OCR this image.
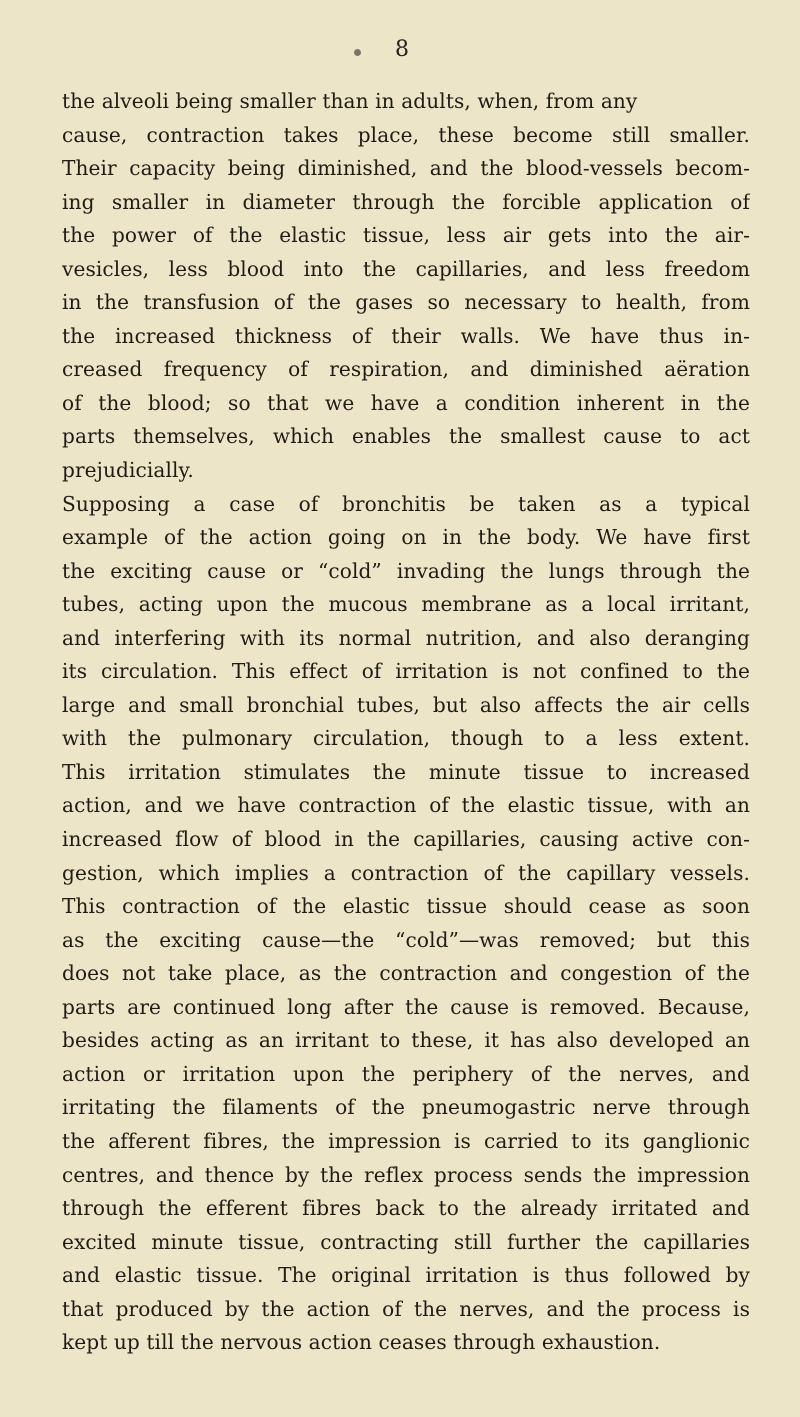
8
the alveoli being smaller than in adults, when, from any
cause, contraction takes place, these become still smaller.
Their capacity being diminished, and the blood-vessels becom-
ing smaller in diameter through the forcible application of
the power of the elastic tissue, less air gets into the air-
vesicles, less blood into the capillaries, and less freedom
in the transfusion of the gases so necessary to health, from
the increased thickness of their walls. We have thus in-
creased frequency of respiration, and diminished aëration
of the blood; so that we have a condition inherent in the
parts themselves, which enables the smallest cause to act
prejudicially.
Supposing a case of bronchitis be taken as a typical
example of the action going on in the body. We have first
the exciting cause or “cold” invading the lungs through the
tubes, acting upon the mucous membrane as a local irritant,
and interfering with its normal nutrition, and also deranging
its circulation. This effect of irritation is not confined to the
large and small bronchial tubes, but also affects the air cells
with the pulmonary circulation, though to a less extent.
This irritation stimulates the minute tissue to increased
action, and we have contraction of the elastic tissue, with an
increased flow of blood in the capillaries, causing active con-
gestion, which implies a contraction of the capillary vessels.
This contraction of the elastic tissue should cease as soon
as the exciting cause—the “cold”—was removed; but this
does not take place, as the contraction and congestion of the
parts are continued long after the cause is removed. Because,
besides acting as an irritant to these, it has also developed an
action or irritation upon the periphery of the nerves, and
irritating the filaments of the pneumogastric nerve through
the afferent fibres, the impression is carried to its ganglionic
centres, and thence by the reflex process sends the impression
through the efferent fibres back to the already irritated and
excited minute tissue, contracting still further the capillaries
and elastic tissue. The original irritation is thus followed by
that produced by the action of the nerves, and the process is
kept up till the nervous action ceases through exhaustion.
